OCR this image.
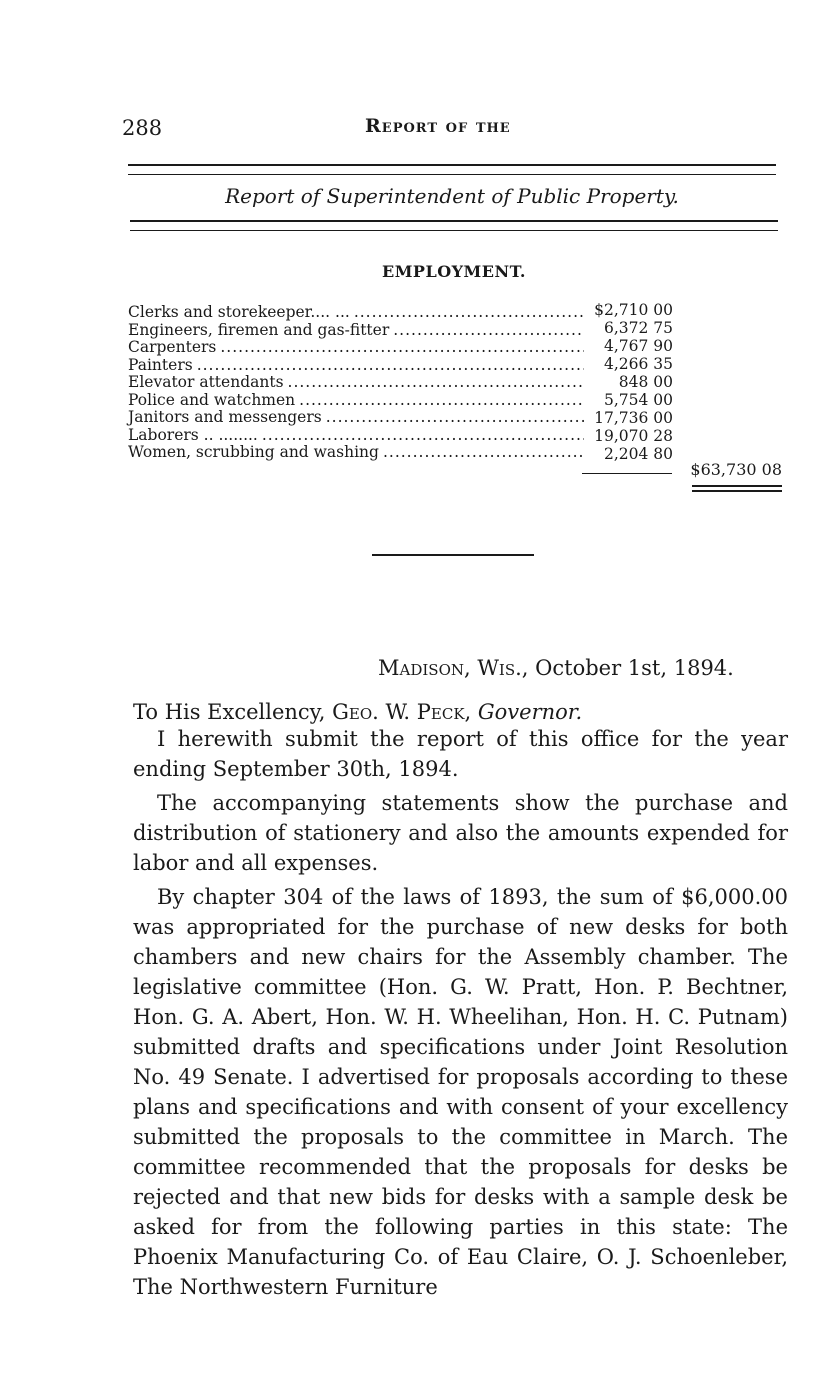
288	Report of the
Report of Superintendent of Public Property.
EMPLOYMENT.
Clerks and storekeeper.... ...
.....
Engineers, firemen and gas-fitter
.....
Carpenters
.....
Painters
.....
Elevator attendants
.....
Police and watchmen
.....
Janitors and messengers
.....
Laborers .. ........
.....
Women, scrubbing and washing
.....
$2,710 00
6,372 75
4,767 90
4,266 35
848 00
5,754 00
17,736 00
19,070 28
2,204 80
$63,730 08
Madison, Wis., October 1st, 1894.
To His Excellency, Geo. W. Peck, Governor.

I herewith submit the report of this office for the year ending September 30th, 1894.

The accompanying statements show the purchase and distribution of stationery and also the amounts expended for labor and all expenses.

By chapter 304 of the laws of 1893, the sum of $6,000.00 was appropriated for the purchase of new desks for both chambers and new chairs for the Assembly chamber. The legislative committee (Hon. G. W. Pratt, Hon. P. Bechtner, Hon. G. A. Abert, Hon. W. H. Wheelihan, Hon. H. C. Putnam) submitted drafts and specifications under Joint Resolution No. 49 Senate. I advertised for proposals according to these plans and specifications and with consent of your excellency submitted the proposals to the committee in March. The committee recommended that the proposals for desks be rejected and that new bids for desks with a sample desk be asked for from the following parties in this state: The Phoenix Manufacturing Co. of Eau Claire, O. J. Schoenleber, The Northwestern Furniture
